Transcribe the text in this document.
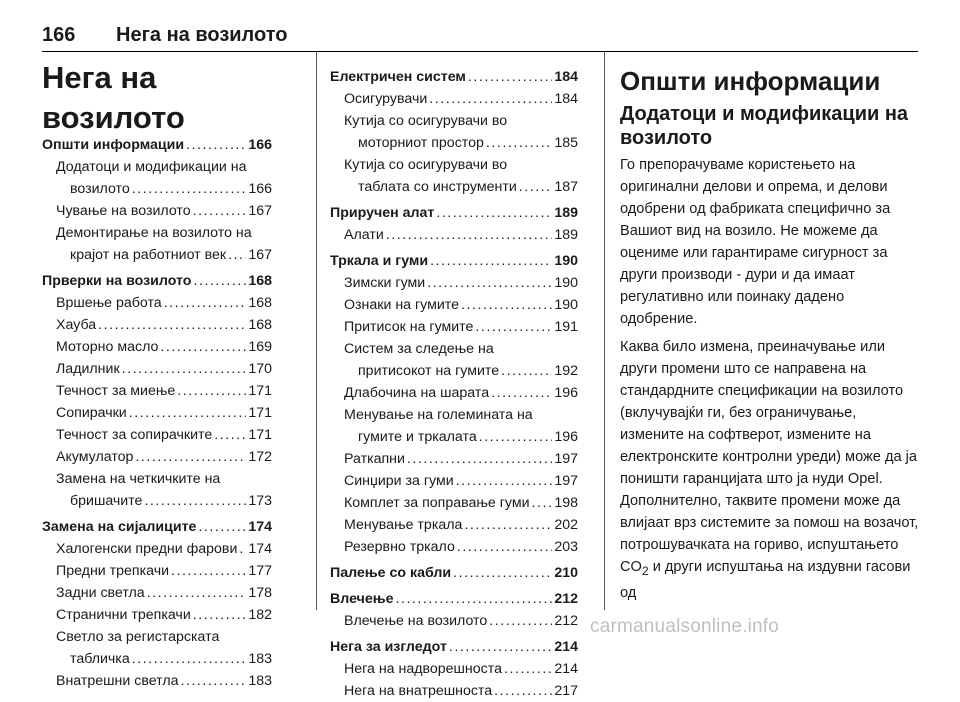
166 Нега на возилото
Нега на возилото
Општи информации . . .	166
Додатоци и модификации на
возилото . . .	166
Чување на возилото . . .	167
Демонтирање на возилото на
крајот на работниот век . . . 167
Прверки на возилото . . .	168
Вршење работа . . .	168
Хауба . . .	168
Моторно масло . . .	169
Ладилник . . .	170
Течност за миење . . .	171
Сопирачки . . .	171
Течност за сопирачките . . .	171
Акумулатор . . .	172
Замена на четкичките на
бришачите . . .	173
Замена на сијалиците . . .	174
Халогенски предни фарови . . . 174
Предни трепкачи . . .	177
Задни светла . . .	178
Странични трепкачи . . .	182
Светло за регистарската
табличка . . .	183
Внатрешни светла . . .	183
Електричен систем . . .	184
Осигурувачи . . .	184
Кутија со осигурувачи во
моторниот простор . . .	185
Кутија со осигурувачи во
таблата со инструменти . . .	187
Приручен алат . . .	189
Алати . . .	189
Тркала и гуми . . .	190
Зимски гуми . . .	190
Ознаки на гумите . . .	190
Притисок на гумите . . .	191
Систем за следење на
притисокот на гумите . . .	192
Длабочина на шарата . . .	196
Менување на големината на
гумите и тркалата . . .	196
Раткапни . . .	197
Синџири за гуми . . .	197
Комплет за поправање гуми . . . 198
Менување тркала . . .	202
Резервно тркало . . .	203
Палење со кабли . . .	210
Влечење . . .	212
Влечење на возилото . . .	212
Нега за изгледот . . .	214
Нега на надворешноста . . .	214
Нега на внатрешноста . . .	217
Општи информации
Додатоци и модификации на возилото

Го препорачуваме користењето на оригинални делови и опрема, и делови одобрени од фабриката специфично за Вашиот вид на возило. Не можеме да оцениме или гарантираме сигурност за други производи - дури и да имаат регулативно или поинаку дадено одобрение.

Каква било измена, преиначување или други промени што се направена на стандардните спецификации на возилото (вклучувајќи ги, без ограничување, измените на софтверот, измените на електронските контролни уреди) може да ја поништи гаранцијата што ја нуди Opel. Дополнително, таквите промени може да влијаат врз системите за помош на возачот, потрошувачката на гориво, испуштањето $CO_2$ и други испуштања на издувни гасови од

carmanualsonline.info
